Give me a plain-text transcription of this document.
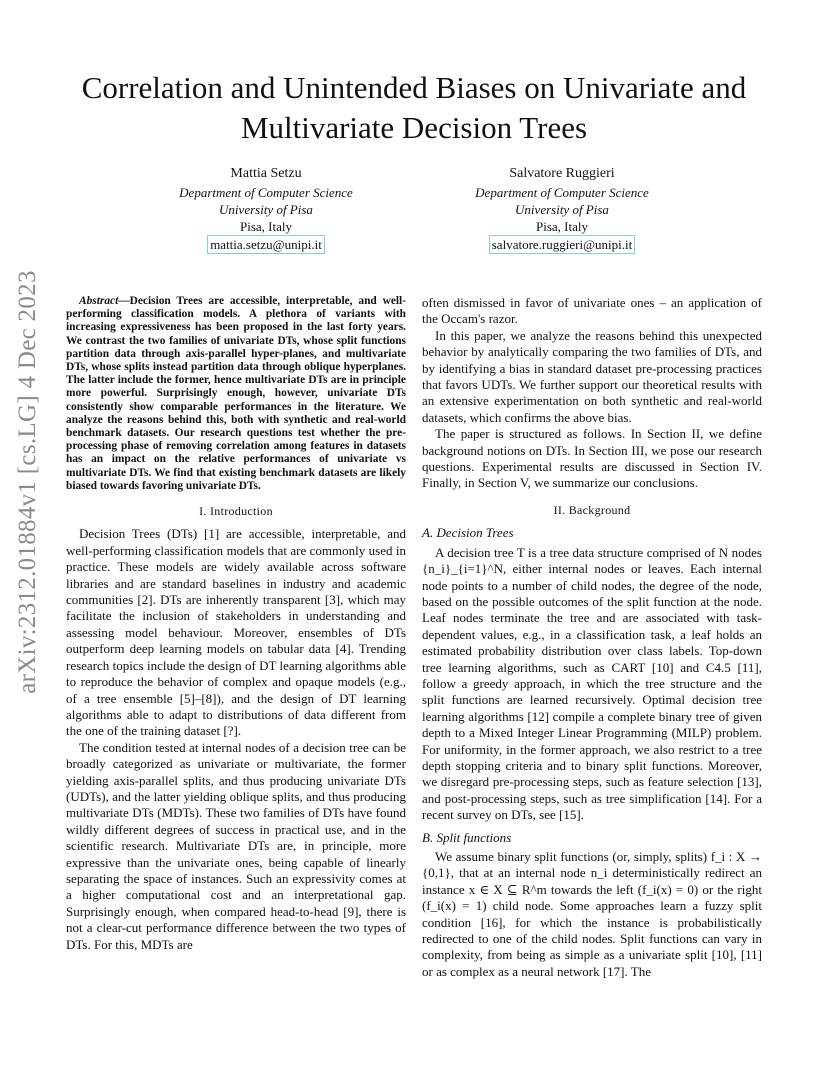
arXiv:2312.01884v1 [cs.LG] 4 Dec 2023
Correlation and Unintended Biases on Univariate and Multivariate Decision Trees
Mattia Setzu
Department of Computer Science
University of Pisa
Pisa, Italy
mattia.setzu@unipi.it
Salvatore Ruggieri
Department of Computer Science
University of Pisa
Pisa, Italy
salvatore.ruggieri@unipi.it

Abstract—Decision Trees are accessible, interpretable, and well-performing classification models. A plethora of variants with increasing expressiveness has been proposed in the last forty years. We contrast the two families of univariate DTs, whose split functions partition data through axis-parallel hyper-planes, and multivariate DTs, whose splits instead partition data through oblique hyperplanes. The latter include the former, hence multivariate DTs are in principle more powerful. Surprisingly enough, however, univariate DTs consistently show comparable performances in the literature. We analyze the reasons behind this, both with synthetic and real-world benchmark datasets. Our research questions test whether the pre-processing phase of removing correlation among features in datasets has an impact on the relative performances of univariate vs multivariate DTs. We find that existing benchmark datasets are likely biased towards favoring univariate DTs.

I. Introduction

Decision Trees (DTs) [1] are accessible, interpretable, and well-performing classification models that are commonly used in practice. These models are widely available across software libraries and are standard baselines in industry and academic communities [2]. DTs are inherently transparent [3], which may facilitate the inclusion of stakeholders in understanding and assessing model behaviour. Moreover, ensembles of DTs outperform deep learning models on tabular data [4]. Trending research topics include the design of DT learning algorithms able to reproduce the behavior of complex and opaque models (e.g., of a tree ensemble [5]–[8]), and the design of DT learning algorithms able to adapt to distributions of data different from the one of the training dataset [?].

The condition tested at internal nodes of a decision tree can be broadly categorized as univariate or multivariate, the former yielding axis-parallel splits, and thus producing univariate DTs (UDTs), and the latter yielding oblique splits, and thus producing multivariate DTs (MDTs). These two families of DTs have found wildly different degrees of success in practical use, and in the scientific research. Multivariate DTs are, in principle, more expressive than the univariate ones, being capable of linearly separating the space of instances. Such an expressivity comes at a higher computational cost and an interpretational gap. Surprisingly enough, when compared head-to-head [9], there is not a clear-cut performance difference between the two types of DTs. For this, MDTs are

often dismissed in favor of univariate ones – an application of the Occam's razor.

In this paper, we analyze the reasons behind this unexpected behavior by analytically comparing the two families of DTs, and by identifying a bias in standard dataset pre-processing practices that favors UDTs. We further support our theoretical results with an extensive experimentation on both synthetic and real-world datasets, which confirms the above bias.

The paper is structured as follows. In Section II, we define background notions on DTs. In Section III, we pose our research questions. Experimental results are discussed in Section IV. Finally, in Section V, we summarize our conclusions.

II. Background
A. Decision Trees

A decision tree T is a tree data structure comprised of N nodes {n_i}_{i=1}^N, either internal nodes or leaves. Each internal node points to a number of child nodes, the degree of the node, based on the possible outcomes of the split function at the node. Leaf nodes terminate the tree and are associated with task-dependent values, e.g., in a classification task, a leaf holds an estimated probability distribution over class labels. Top-down tree learning algorithms, such as CART [10] and C4.5 [11], follow a greedy approach, in which the tree structure and the split functions are learned recursively. Optimal decision tree learning algorithms [12] compile a complete binary tree of given depth to a Mixed Integer Linear Programming (MILP) problem. For uniformity, in the former approach, we also restrict to a tree depth stopping criteria and to binary split functions. Moreover, we disregard pre-processing steps, such as feature selection [13], and post-processing steps, such as tree simplification [14]. For a recent survey on DTs, see [15].

B. Split functions

We assume binary split functions (or, simply, splits) f_i : X → {0,1}, that at an internal node n_i deterministically redirect an instance x ∈ X ⊆ R^m towards the left (f_i(x) = 0) or the right (f_i(x) = 1) child node. Some approaches learn a fuzzy split condition [16], for which the instance is probabilistically redirected to one of the child nodes. Split functions can vary in complexity, from being as simple as a univariate split [10], [11] or as complex as a neural network [17]. The
